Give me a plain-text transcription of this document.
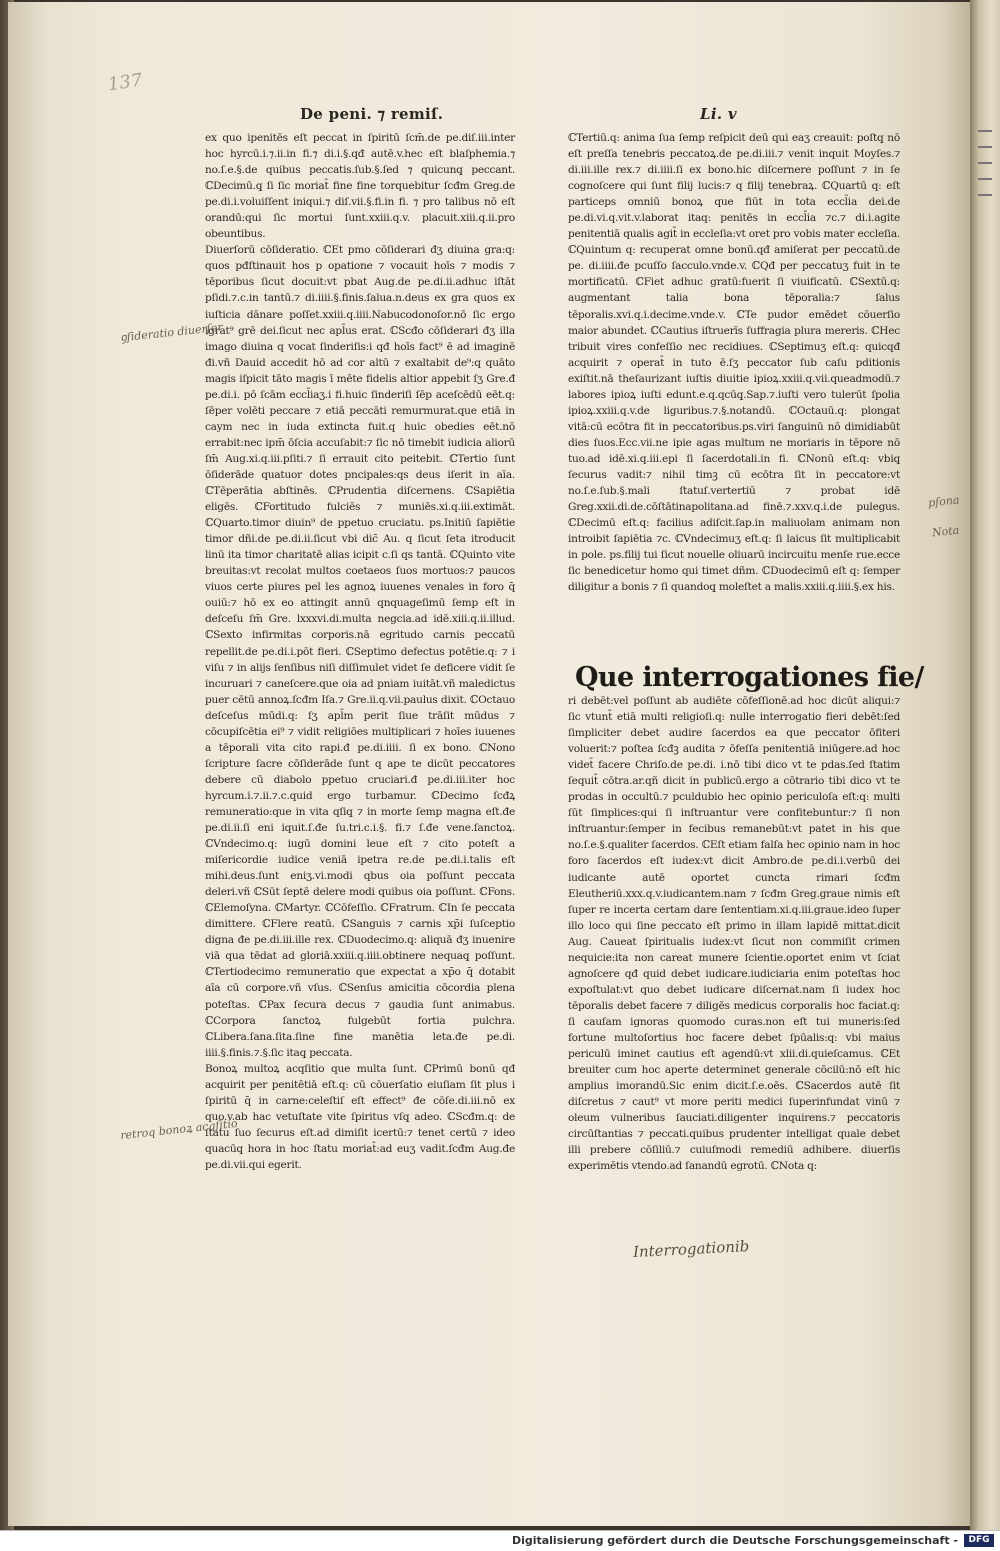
137
De peni. ⁊ remiſ.	Li. v

ex quo ipenitēs eſt peccat in ſpiritū ſcm̄.de pe.diſ.iii.inter hoc hyrcū.i.⁊.ii.in fi.⁊ di.i.§.qđ autē.v.hec eſt blaſphemia.⁊ no.ſ.e.§.de quibus peccatis.ſub.§.ſed ⁊ quicunq̧ peccant. ℂDecimū.q̧ ſi ſic moriat̄ fine fine torquebitur ſcđm Greg.de pe.di.i.voluiſſent iniqui.⁊ diſ.vii.§.fi.in fi. ⁊ pro talibus nō eſt orandū:qui ſic mortui ſunt.xxiii.q.v. placuit.xiii.q.ii.pro obeuntibus.

Diuerſorū cōſideratio. ℂEt pmo cōſiderari đʒ diuina gra:q: quos pđſtinauit hos p opatione ⁊ vocauit hoīs ⁊ modis ⁊ tēporibus ſicut docuit:vt pbat Aug.de pe.di.ii.adhuc iſtāt pſidi.⁊.c.in tantū.⁊ di.iiii.§.finis.ſalua.n.deus ex gra quos ex iuſticia dānare poſſet.xxiii.q.iiii.Nabucodonoſor.nō ſic ergo igrat⁹ grē dei.ſicut nec apl̄us erat. ℂScđo cōſiderari đʒ illa imago diuina q vocat ſinderiſis:i qđ hoīs fact⁹ ē ad imaginē đi.vñ Dauid accedit hō ad cor altū ⁊ exaltabit de⁹:q quāto magis iſpicit tāto magis ī mēte fidelis altior appebit ſʒ Gre.đ pe.di.i. pō ſcām eccl̄iaʒ.i fi.huic ſinderiſi ſēp aceſcēdū eēt.q: ſēper volēti peccare ⁊ etiā peccāti remurmurat.que etiā in caym nec in iuda extincta fuit.q huic obedies eēt.nō errabit:nec ipm̄ ōſcia accuſabit:⁊ ſic nō timebit iudicia aliorū ſm̄ Aug.xi.q.iii.pſiti.⁊ ſi errauit cito peitebit. ℂTertio ſunt ōſiderāde quatuor dotes pncipales:qs deus iſerit in aīa. ℂTēperātia abſtinēs. ℂPrudentia diſcernens. ℂSapiētia eligēs. ℂFortitudo fulciēs ⁊ muniēs.xi.q.iii.extimāt. ℂQuarto.timor diuin⁹ de ppetuo cruciatu. ps.Initiū ſapiētie timor dñi.de pe.di.ii.ſicut vbi dic̄ Au. q ſicut ſeta itroducit linū ita timor charitatē alias icipit c.ſi qs tantā. ℂQuinto vite breuitas:vt recolat multos coetaeos ſuos mortuos:⁊ paucos viuos certe piures pel les agnoꝝ iuuenes venales in foro q̄ ouiū:⁊ hō ex eo attingit annū qnquageſimū ſemp eſt in deſceſu ſm̄ Gre. lxxxvi.di.multa negcia.ad idē.xiii.q.ii.illud. ℂSexto infirmitas corporis.nā egritudo carnis peccatū repellit.de pe.di.i.pōt fieri. ℂSeptimo defectus potētie.q: ⁊ i viſu ⁊ in alijs ſenſibus niſi diſſimulet videt ſe deficere vidit ſe incuruari ⁊ caneſcere.que oia ad pniam iuitāt.vñ maledictus puer cētū annoꝝ.ſcđm Iſa.⁊ Gre.ii.q.vii.paulus dixit. ℂOctauo deſceſus mūdi.q: ſʒ apl̄m perit ſiue trāſit mūdus ⁊ cōcupiſcētia ei⁹ ⁊ vidit religiōes multiplicari ⁊ hoīes iuuenes a tēporali vita cito rapi.đ pe.di.iiii. ſi ex bono. ℂNono ſcripture ſacre cōſiderāde ſunt q ape te dicūt peccatores debere cū diabolo ppetuo cruciari.đ pe.di.iii.iter hoc hyrcum.i.⁊.ii.⁊.c.quid ergo turbamur. ℂDecimo ſcđꝝ remuneratio:que in vita qſiq̧ ⁊ in morte ſemp magna eſt.đe pe.di.ii.ſi eni iquit.ſ.đe ſu.tri.c.i.§. fi.⁊ ſ.đe vene.ſanctoꝝ. ℂVndecimo.q: iugū domini leue eſt ⁊ cito poteſt a miſericordie iudice veniā ipetra re.de pe.di.i.talis eſt mihi.deus.ſunt eniʒ.vi.modi qbus oia poſſunt peccata deleri.vñ ℂSūt ſeptē delere modi quibus oia poſſunt. ℂFons. ℂElemoſyna. ℂMartyr. ℂCōfeſſio. ℂFratrum. ℂIn ſe peccata dimittere. ℂFlere reatū. ℂSanguis ⁊ carnis xp̄i ſuſceptio digna đe pe.di.iii.ille rex. ℂDuodecimo.q: aliquā đʒ inuenire viā qua tēdat ad gloriā.xxiii.q.iiii.obtinere nequaq̧ poſſunt. ℂTertiodecimo remuneratio que expectat a xp̄o q̄ dotabit aīa cū corpore.vñ vſus. ℂSenſus amicitia cōcordia plena poteſtas. ℂPax ſecura decus ⁊ gaudia ſunt animabus. ℂCorpora ſanctoꝝ fulgebūt fortia pulchra. ℂLibera.ſana.ſita.ſine fine manētia leta.đe pe.di. iiii.§.finis.⁊.§.ſic itaq̧ peccata.

Bonoꝝ multoꝝ acqſitio que multa ſunt. ℂPrimū bonū qđ acquirit per penitētiā eſt.q: cū cōuerſatio eiuſiam ſit plus i ſpiritū q̄ in carne:celeſtiſ eſt effect⁹ đe cōſe.di.iii.nō ex quo.v.ab hac vetuſtate vite ſpiritus vſq̧ adeo. ℂScđm.q: de ſtatu ſuo ſecurus eſt.ad dimiſit icertū:⁊ tenet certū ⁊ ideo quacūq̧ hora in hoc ſtatu moriat̄:ad euʒ vadit.ſcđm Aug.đe pe.di.vii.qui egerit.

ℂTertiū.q: anima ſua ſemp reſpicit deū qui eaʒ creauit: poſtq̧ nō eſt preſſa tenebris peccatoꝝ.de pe.di.iii.⁊ venit inquit Moyſes.⁊ di.iii.ille rex.⁊ di.iiii.ſi ex bono.hic diſcernere poſſunt ⁊ in ſe cognoſcere qui ſunt filij lucis:⁊ q filij tenebraꝝ. ℂQuartū q: eſt particeps omniū bonoꝝ que fiūt in tota eccl̄ia dei.de pe.di.vi.q.vit.v.laborat itaq: penitēs in eccl̄ia ⁊c.⁊ di.i.agite penitentiā qualis agit̄ in eccleſia:vt oret pro vobis mater eccleſia. ℂQuintum q: recuperat omne bonū.qđ amiſerat per peccatū.de pe. di.iiii.đe pcuſſo ſacculo.vnde.v. ℂQđ per peccatuʒ fuit in te mortificatū. ℂFiet adhuc gratū:fuerit ſi viuificatū. ℂSextū.q: augmentant talia bona tēporalia:⁊ ſalus tēporalis.xvi.q.i.decime.vnde.v. ℂTe pudor emēdet cōuerſio maior abundet. ℂCautius iſtruerīs ſuffragia plura mereris. ℂHec tribuit vires confeſſio nec recidiues. ℂSeptimuʒ eſt.q: quicqđ acquirit ⁊ operat̄ in tuto ē.ſʒ peccator ſub caſu pditionis exiſtit.nā theſaurizant iuſtis diuitie ipioꝝ.xxiii.q.vii.queadmodū.⁊ labores ipioꝝ iuſti edunt.e.q.qcūq̧.Sap.⁊.iuſti vero tulerūt ſpolia ipioꝝ.xxiii.q.v.de liguribus.⁊.§.notandū. ℂOctauū.q: plongat vitā:cū ecōtra fit in peccatoribus.ps.viri ſanguinū nō dimidiabūt dies ſuos.Ecc.vii.ne ipie agas multum ne moriaris in tēpore nō tuo.ad idē.xi.q.iii.epi ſi ſacerdotali.in fi. ℂNonū eſt.q: vbiq̧ ſecurus vadit:⁊ nihil timꝫ cū ecōtra ſit in peccatore:vt no.ſ.e.ſub.§.mali ſtatuſ.vertertiū ⁊ probat idē Greg.xxii.di.de.cōſtātinapolitana.ad finē.⁊.xxv.q.i.de pulegus. ℂDecimū eſt.q: facilius adiſcit.ſap.in maliuolam animam non introibit ſapiētia ⁊c. ℂVndecimuʒ eſt.q: ſi laicus ſit multiplicabit in pole. ps.filij tui ſicut nouelle oliuarū incircuitu menſe rue.ecce ſic benedicetur homo qui timet dñm. ℂDuodecimū eſt q: ſemper diligitur a bonis ⁊ ſi quandoq̧ moleſtet a malis.xxiii.q.iiii.§.ex his.

Que interrogationes fie/

ri debēt:vel poſſunt ab audiēte cōfeſſionē.ad hoc dicūt aliqui:⁊ ſic vtunt̄ etiā multi religioſi.q: nulle interrogatio fieri debēt:ſed ſimpliciter debet audire ſacerdos ea que peccator ōfiteri voluerit:⁊ poſtea ſcđꝫ audita ⁊ ōfeſſa penitentiā iniūgere.ad hoc videt̄ facere Chriſo.de pe.di. i.nō tibi dico vt te pdas.ſed ſtatim ſequit̄ cōtra.ar.qñ dicit in publicū.ergo a cōtrario tibi dico vt te prodas in occultū.⁊ pculdubio hec opinio periculoſa eſt:q: multi ſūt ſimplices:qui ſi inſtruantur vere confitebuntur:⁊ ſi non inſtruantur:ſemper in fecibus remanebūt:vt patet in his que no.ſ.e.§.qualiter ſacerdos. ℂEſt etiam falſa hec opinio nam in hoc foro ſacerdos eſt iudex:vt dicit Ambro.de pe.di.i.verbū dei iudicante autē oportet cuncta rimari ſcđm Eleutheriū.xxx.q.v.iudicantem.nam ⁊ ſcđm Greg.graue nimis eſt ſuper re incerta certam dare ſententiam.xi.q.iii.graue.ideo ſuper illo loco qui ſine peccato eſt primo in illam lapidē mittat.dicit Aug. Caueat ſpiritualis iudex:vt ſicut non commiſit crimen nequicie:ita non careat munere ſcientie.oportet enim vt ſciat agnoſcere qđ quid debet iudicare.iudiciaria enim poteſtas hoc expoſtulat:vt quo debet iudicare diſcernat.nam ſi iudex hoc tēporalis debet facere ⁊ diligēs medicus corporalis hoc faciat.q: ſi cauſam ignoras quomodo curas.non eſt tui muneris:ſed fortune multoſortius hoc facere debet ſpūalis:q: vbi maius periculū iminet cautius eſt agendū:vt xlii.di.quieſcamus. ℂEt breuiter cum hoc aperte determinet generale cōcilū:nō eſt hic amplius imorandū.Sic enim dicit.ſ.e.oēs. ℂSacerdos autē ſit diſcretus ⁊ caut⁹ vt more periti medici ſuperinfundat vinū ⁊ oleum vulneribus ſauciati.diligenter inquirens.⁊ peccatoris circūſtantias ⁊ peccati.quibus prudenter intelligat quale debet illi prebere cōſiliū.⁊ cuiuſmodi remediū adhibere. diuerſis experimētis vtendo.ad ſanandū egrotū. ℂNota q:

ꝯſideratio diuerſor
retroq bonoꝝ acqſitio
pſona
Nota
Interrogationib
Digitalisierung gefördert durch die Deutsche Forschungsgemeinschaft -	DFG
